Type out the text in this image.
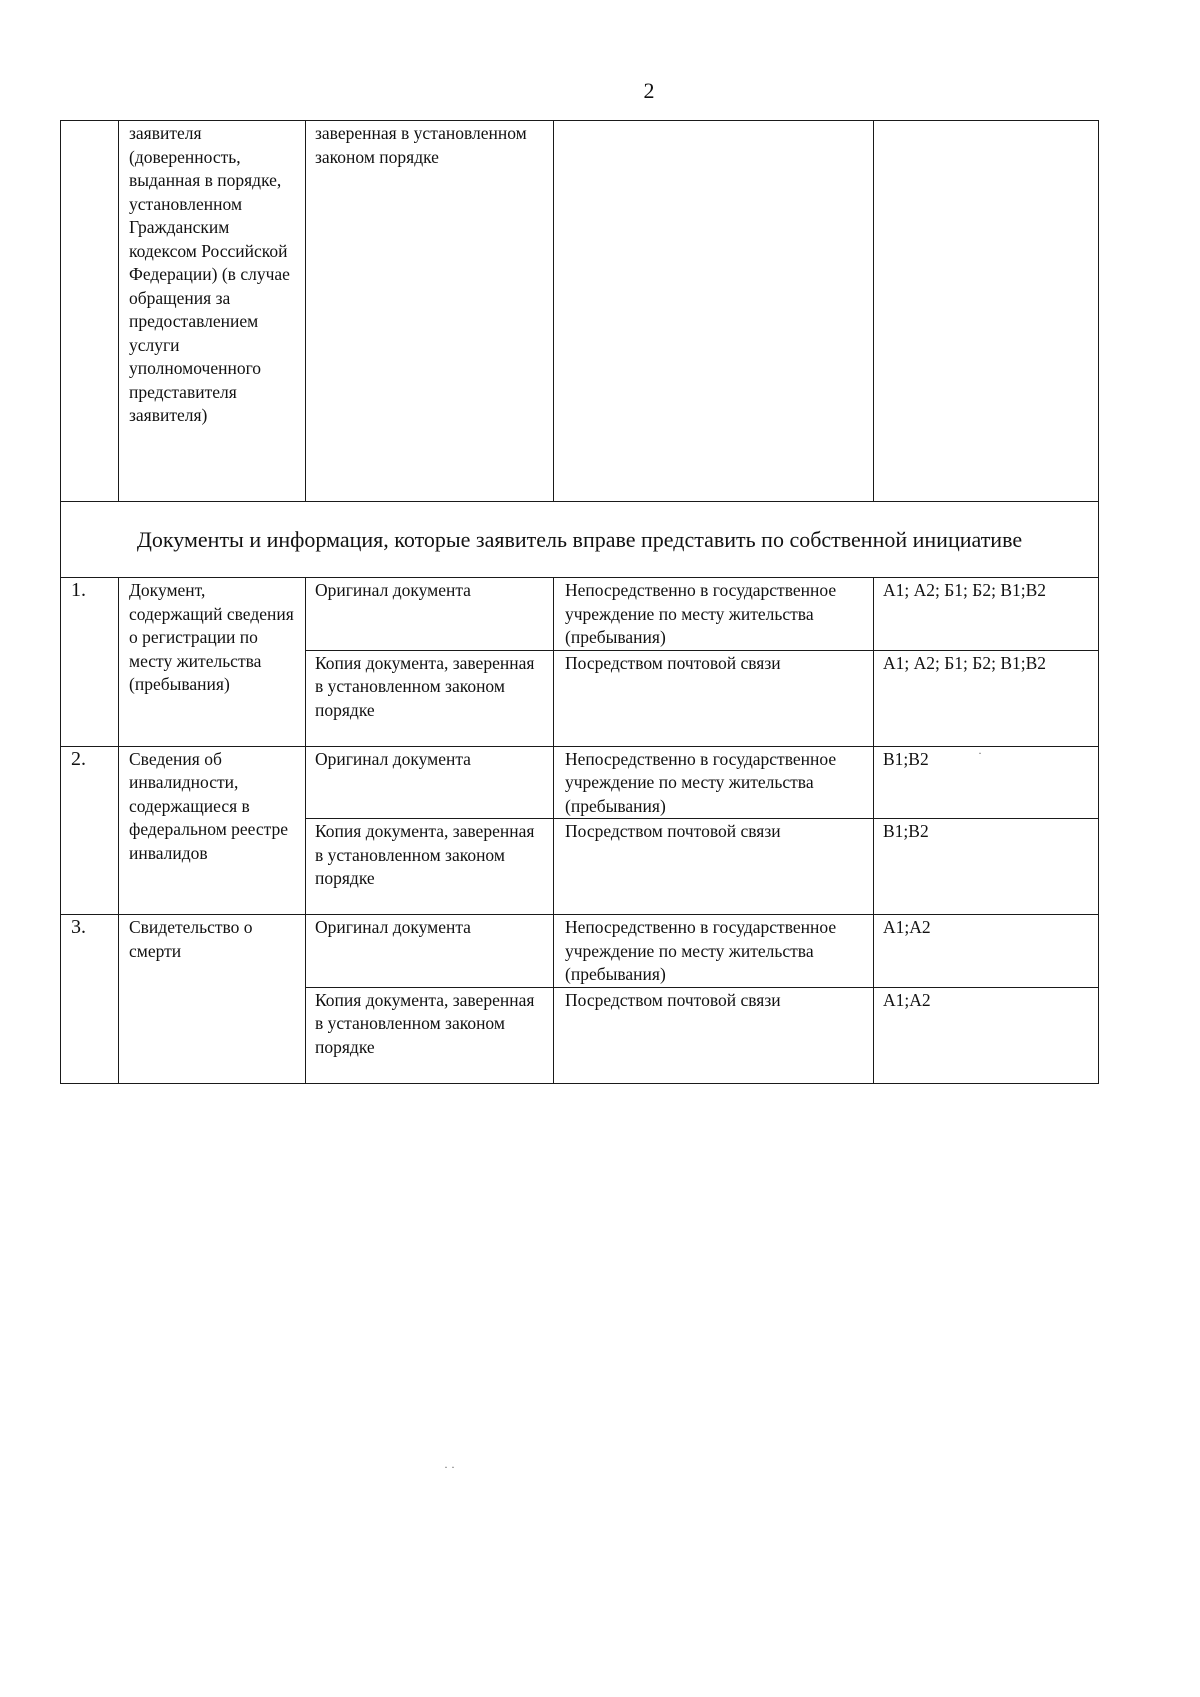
2
	заявителя (доверенность, выданная в порядке, установленном Гражданским кодексом Российской Федерации) (в случае обращения за предоставлением услуги уполномоченного представителя заявителя)	заверенная в установленном законом порядке		
Документы и информация, которые заявитель вправе представить по собственной инициативе				
1.	Документ, содержащий сведения о регистрации по месту жительства (пребывания)	Оригинал документа	Непосредственно в государственное учреждение по месту жительства (пребывания)	А1; А2; Б1; Б2; В1;В2
		Копия документа, заверенная в установленном законом порядке	Посредством почтовой связи	А1; А2; Б1; Б2; В1;В2
2.	Сведения об инвалидности, содержащиеся в федеральном реестре инвалидов	Оригинал документа	Непосредственно в государственное учреждение по месту жительства (пребывания)	В1;В2
		Копия документа, заверенная в установленном законом порядке	Посредством почтовой связи	В1;В2
3.	Свидетельство о смерти	Оригинал документа	Непосредственно в государственное учреждение по месту жительства (пребывания)	А1;А2
		Копия документа, заверенная в установленном законом порядке	Посредством почтовой связи	А1;А2
·
· ·
